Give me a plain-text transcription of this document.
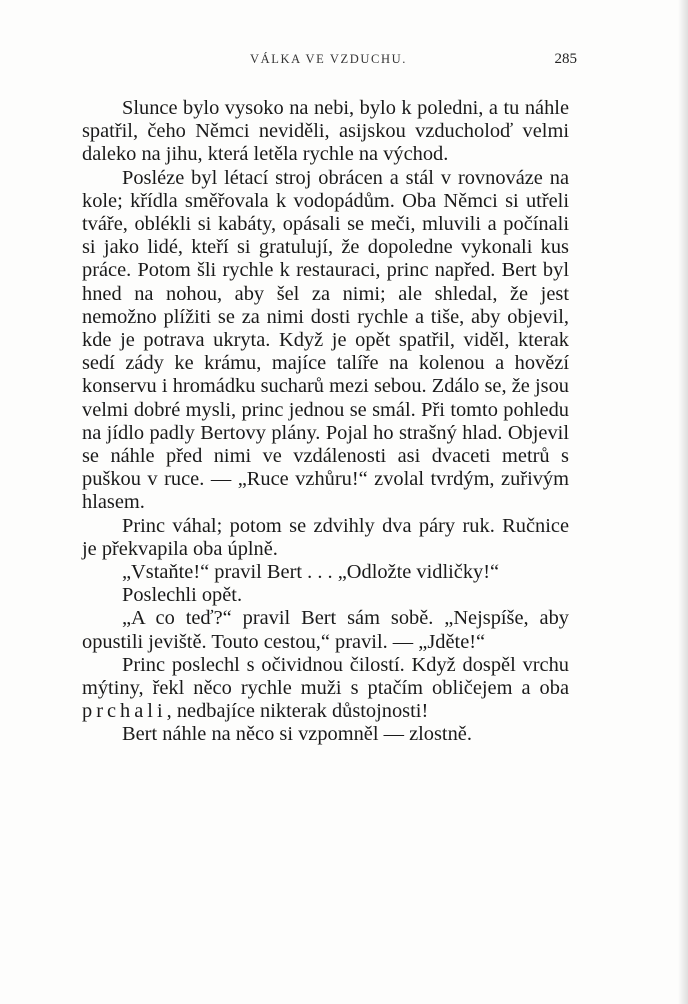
VÁLKA VE VZDUCHU.	285

Slunce bylo vysoko na nebi, bylo k poledni, a tu náhle spatřil, čeho Němci neviděli, asijskou vzducholoď velmi daleko na jihu, která letěla rychle na východ.

Posléze byl létací stroj obrácen a stál v rovnováze na kole; křídla směřovala k vodopádům. Oba Němci si utřeli tváře, oblékli si kabáty, opásali se meči, mluvili a počínali si jako lidé, kteří si gratulují, že dopoledne vykonali kus práce. Potom šli rychle k restauraci, princ napřed. Bert byl hned na nohou, aby šel za nimi; ale shledal, že jest nemožno plížiti se za nimi dosti rychle a tiše, aby objevil, kde je potrava ukryta. Když je opět spatřil, viděl, kterak sedí zády ke krámu, majíce talíře na kolenou a hovězí konservu i hromádku sucharů mezi sebou. Zdálo se, že jsou velmi dobré mysli, princ jednou se smál. Při tomto pohledu na jídlo padly Bertovy plány. Pojal ho strašný hlad. Objevil se náhle před nimi ve vzdálenosti asi dvaceti metrů s puškou v ruce. — „Ruce vzhůru!“ zvolal tvrdým, zuřivým hlasem.

Princ váhal; potom se zdvihly dva páry ruk. Ručnice je překvapila oba úplně.

„Vstaňte!“ pravil Bert . . . „Odložte vidličky!“

Poslechli opět.

„A co teď?“ pravil Bert sám sobě. „Nejspíše, aby opustili jeviště. Touto cestou,“ pravil. — „Jděte!“

Princ poslechl s očividnou čilostí. Když dospěl vrchu mýtiny, řekl něco rychle muži s ptačím obličejem a oba prchali, nedbajíce nikterak důstojnosti!

Bert náhle na něco si vzpomněl — zlostně.
